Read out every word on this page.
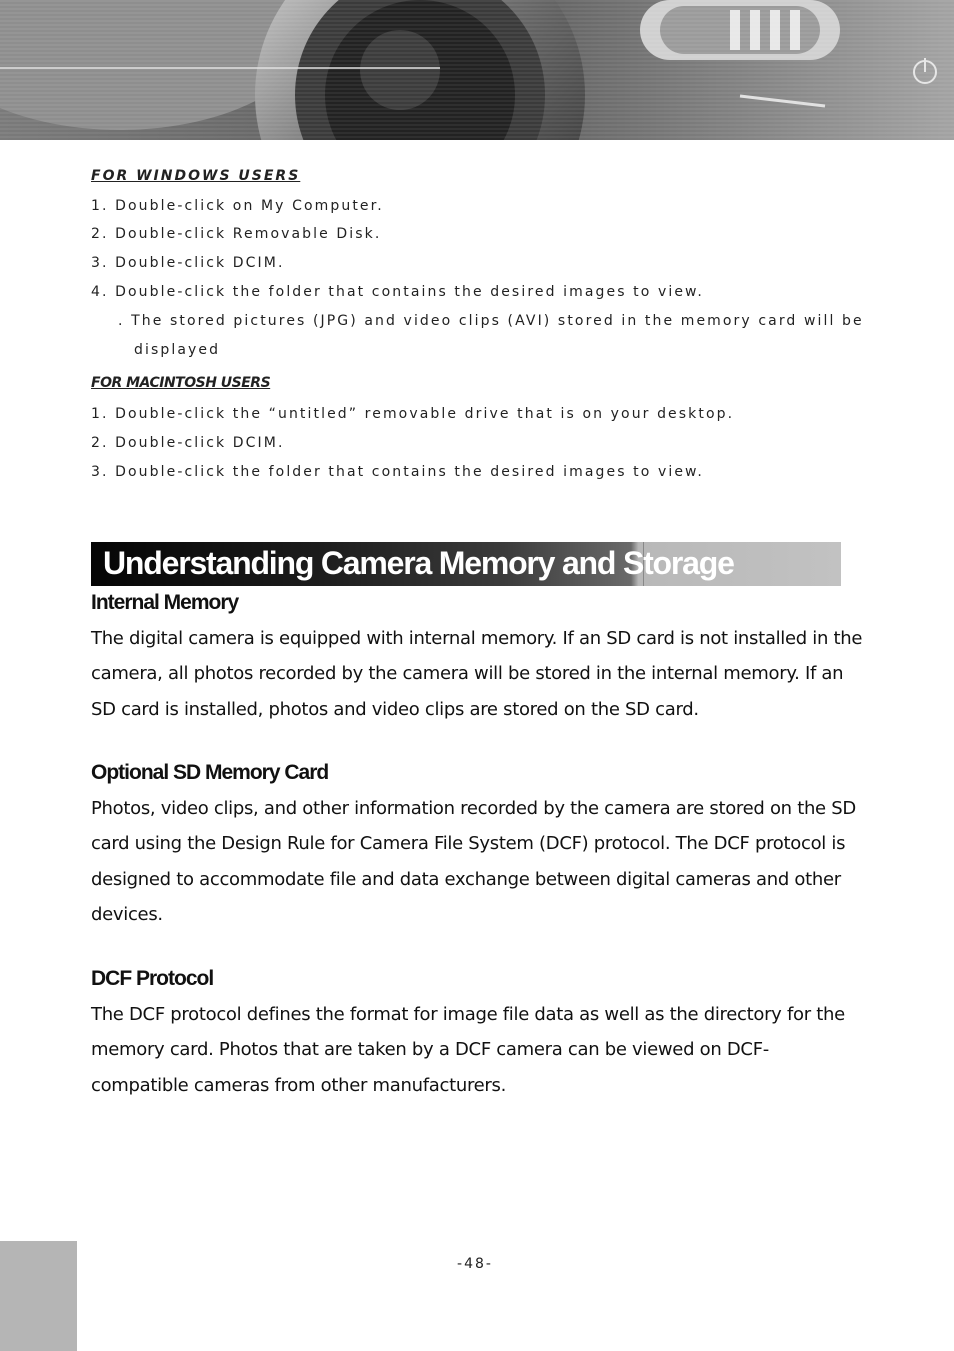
FOR WINDOWS USERS
1. Double-click on My Computer.
2. Double-click Removable Disk.
3. Double-click DCIM.
4. Double-click the folder that contains the desired images to view.
. The stored pictures (JPG) and video clips (AVI) stored in the memory card will be
displayed
FOR MACINTOSH USERS
1. Double-click the “untitled” removable drive that is on your desktop.
2. Double-click DCIM.
3. Double-click the folder that contains the desired images to view.
Understanding Camera Memory and Storage
Internal Memory
The digital camera is equipped with internal memory. If an SD card is not installed in the camera, all photos recorded by the camera will be stored in the internal memory. If an SD card is installed, photos and video clips are stored on the SD card.
Optional SD Memory Card
Photos, video clips, and other information recorded by the camera are stored on the SD card using the Design Rule for Camera File System (DCF) protocol. The DCF protocol is designed to accommodate file and data exchange between digital cameras and other devices.
DCF Protocol
The DCF protocol defines the format for image file data as well as the directory for the memory card. Photos that are taken by a DCF camera can be viewed on DCF-compatible cameras from other manufacturers.
-48-
